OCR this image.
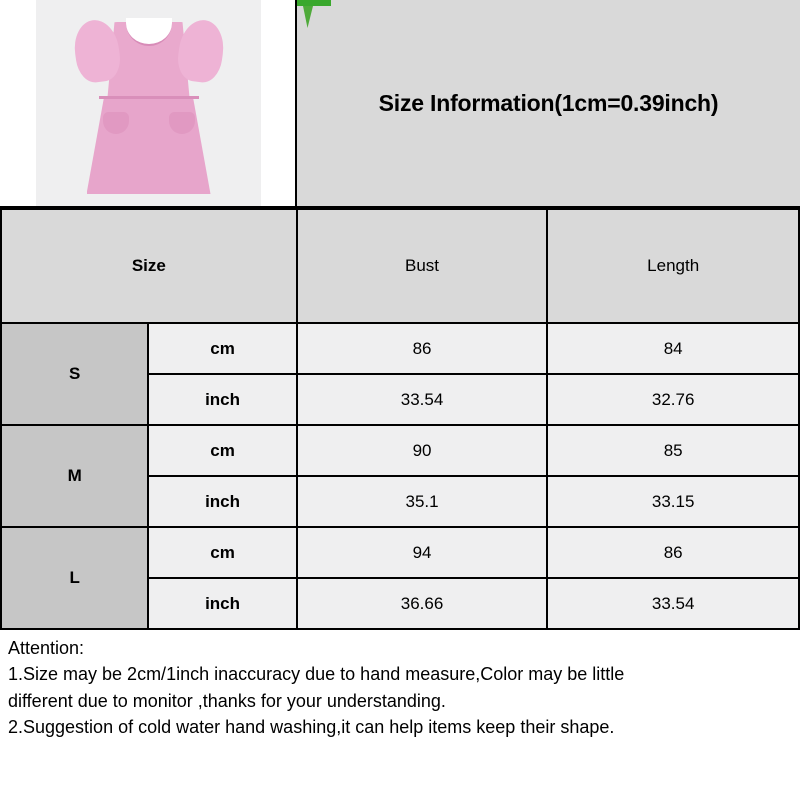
Size Information(1cm=0.39inch)
Size		Bust	Length
S	cm	86	84
	inch	33.54	32.76
M	cm	90	85
	inch	35.1	33.15
L	cm	94	86
	inch	36.66	33.54

Attention:

1.Size may be 2cm/1inch inaccuracy due to hand measure,Color may be little

different due to monitor ,thanks for your understanding.

2.Suggestion of cold water hand washing,it can help items keep their shape.
